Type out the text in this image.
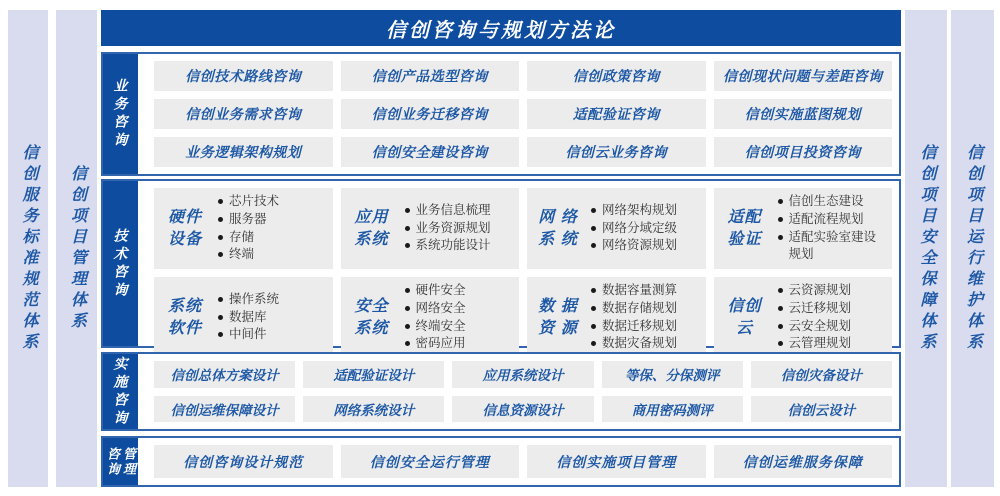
信创服务标准规范体系 信创项目管理体系
信创咨询与规划方法论
业务咨询
信创技术路线咨询	信创产品选型咨询	信创政策咨询	信创现状问题与差距咨询
信创业务需求咨询	信创业务迁移咨询	适配验证咨询	信创实施蓝图规划
业务逻辑架构规划	信创安全建设咨询	信创云业务咨询	信创项目投资咨询
技术咨询
硬件
设备
芯片技术
服务器
存储
终端
应用
系统
业务信息梳理
业务资源规划
系统功能设计
网 络
系 统
网络架构规划
网络分域定级
网络资源规划
适配
验证
信创生态建设
适配流程规划
适配实验室建设规划
系统
软件
操作系统
数据库
中间件
安全
系统
硬件安全
网络安全
终端安全
密码应用
数 据
资 源
数据容量测算
数据存储规划
数据迁移规划
数据灾备规划
信创
云
云资源规划
云迁移规划
云安全规划
云管理规划
实施咨询	信创总体方案设计	适配验证设计	应用系统设计	等保、分保测评	信创灾备设计
信创运维保障设计	网络系统设计	信息资源设计	商用密码测评	信创云设计
咨询 管理	信创咨询设计规范	信创安全运行管理	信创实施项目管理	信创运维服务保障
信创项目安全保障体系 信创项目运行维护体系
